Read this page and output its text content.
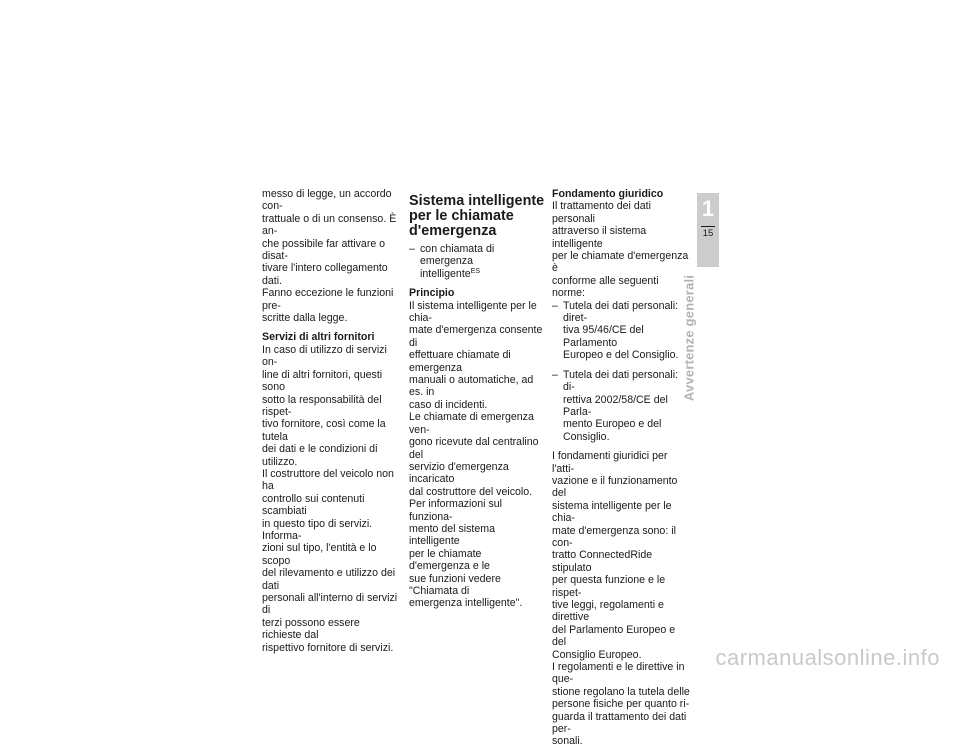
messo di legge, un accordo con-

trattuale o di un consenso. È an-

che possibile far attivare o disat-

tivare l'intero collegamento dati.

Fanno eccezione le funzioni pre-

scritte dalla legge.

Servizi di altri fornitori

In caso di utilizzo di servizi on-

line di altri fornitori, questi sono

sotto la responsabilità del rispet-

tivo fornitore, così come la tutela

dei dati e le condizioni di utilizzo.

Il costruttore del veicolo non ha

controllo sui contenuti scambiati

in questo tipo di servizi. Informa-

zioni sul tipo, l'entità e lo scopo

del rilevamento e utilizzo dei dati

personali all'interno di servizi di

terzi possono essere richieste dal

rispettivo fornitore di servizi.

Sistema intelligente
per le chiamate
d'emergenza
– con chiamata di emergenza
intelligente$^{ES}$

Principio

Il sistema intelligente per le chia-

mate d'emergenza consente di

effettuare chiamate di emergenza

manuali o automatiche, ad es. in

caso di incidenti.

Le chiamate di emergenza ven-

gono ricevute dal centralino del

servizio d'emergenza incaricato

dal costruttore del veicolo.

Per informazioni sul funziona-

mento del sistema intelligente

per le chiamate d'emergenza e le

sue funzioni vedere "Chiamata di

emergenza intelligente".

Fondamento giuridico

Il trattamento dei dati personali

attraverso il sistema intelligente

per le chiamate d'emergenza è

conforme alle seguenti norme:

– Tutela dei dati personali: diret-
tiva 95/46/CE del Parlamento
Europeo e del Consiglio.
– Tutela dei dati personali: di-
rettiva 2002/58/CE del Parla-
mento Europeo e del Consiglio.

I fondamenti giuridici per l'atti-

vazione e il funzionamento del

sistema intelligente per le chia-

mate d'emergenza sono: il con-

tratto ConnectedRide stipulato

per questa funzione e le rispet-

tive leggi, regolamenti e direttive

del Parlamento Europeo e del

Consiglio Europeo.

I regolamenti e le direttive in que-

stione regolano la tutela delle

persone fisiche per quanto ri-

guarda il trattamento dei dati per-

sonali.

1
15
Avvertenze generali
carmanualsonline.info
